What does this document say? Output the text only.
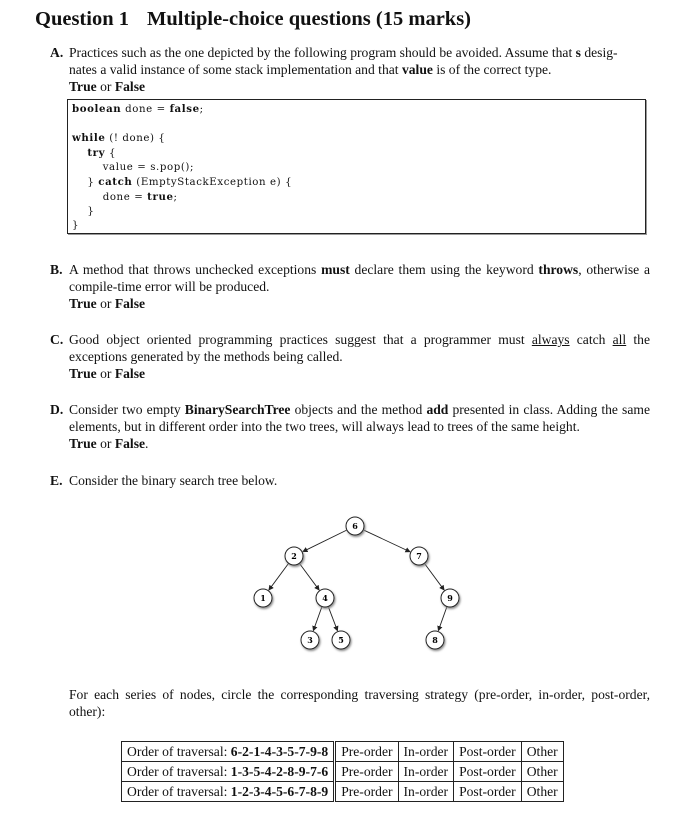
Question 1 Multiple-choice questions (15 marks)
A. Practices such as the one depicted by the following program should be avoided. Assume that s desig-
nates a valid instance of some stack implementation and that value is of the correct type.
True or False
boolean done = false;

while (! done) {
try {
value = s.pop();
} catch (EmptyStackException e) {
done = true;
}
}
B. A method that throws unchecked exceptions must declare them using the keyword throws, otherwise a compile-time error will be produced.
True or False
C. Good object oriented programming practices suggest that a programmer must always catch all the exceptions generated by the methods being called.
True or False
D. Consider two empty BinarySearchTree objects and the method add presented in class. Adding the same elements, but in different order into the two trees, will always lead to trees of the same height.
True or False.
E. Consider the binary search tree below.
6
2	7
1	4	9
3	5	8
For each series of nodes, circle the corresponding traversing strategy (pre-order, in-order, post-order, other):
Order of traversal: 6-2-1-4-3-5-7-9-8	Pre-order	In-order	Post-order	Other
Order of traversal: 1-3-5-4-2-8-9-7-6	Pre-order	In-order	Post-order	Other
Order of traversal: 1-2-3-4-5-6-7-8-9	Pre-order	In-order	Post-order	Other
